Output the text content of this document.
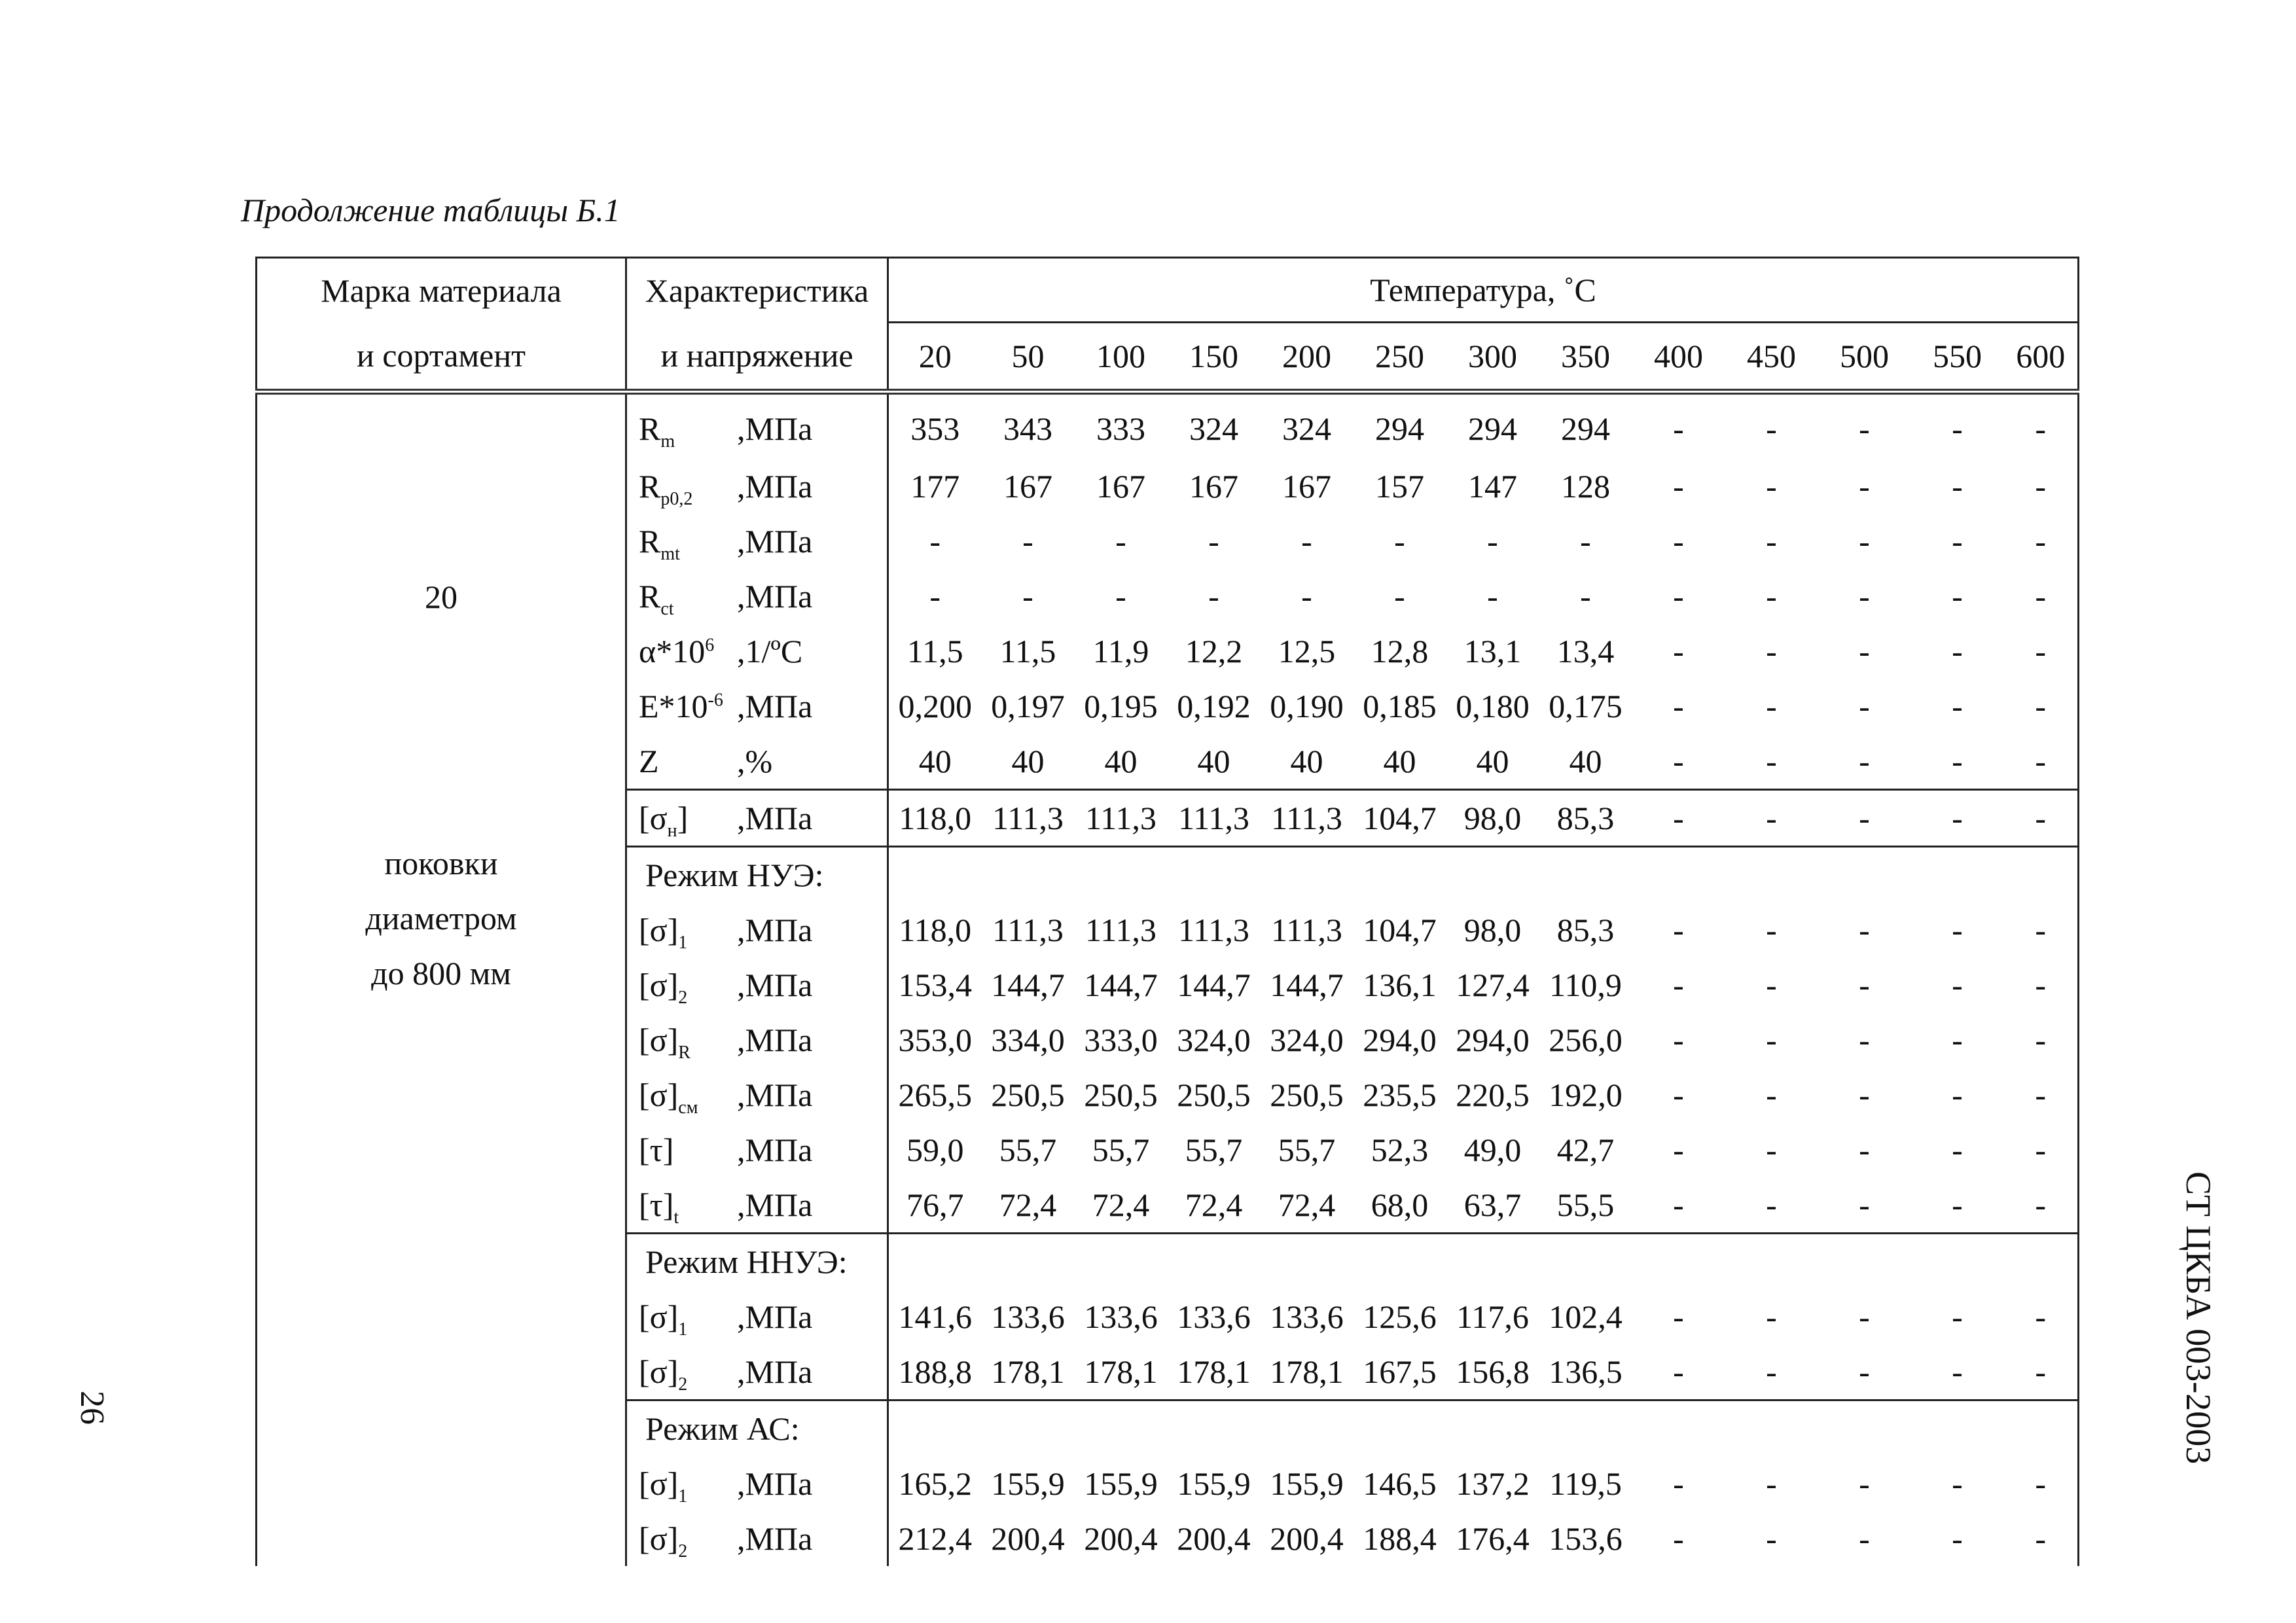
Продолжение таблицы Б.1
Марка материала	Характеристика	Температура, ˚С												
и сортамент	и напряжение	20	50	100	150	200	250	300	350	400	450	500	550	600

20
поковки
диаметром
до 800 мм	$R_m$ ,МПа	353	343	333	324	324	294	294	294	-	-	-	-	-
	$R_{p0,2}$ ,МПа	177	167	167	167	167	157	147	128	-	-	-	-	-
	$R_{mt}$ ,МПа	-	-	-	-	-	-	-	-	-	-	-	-	-
	$R_{ct}$ ,МПа	-	-	-	-	-	-	-	-	-	-	-	-	-
	$\alpha*10^6$ ,1/ºС	11,5	11,5	11,9	12,2	12,5	12,8	13,1	13,4	-	-	-	-	-
	$E*10^{-6}$ ,МПа	0,200	0,197	0,195	0,192	0,190	0,185	0,180	0,175	-	-	-	-	-
	Z ,%	40	40	40	40	40	40	40	40	-	-	-	-	-
	$[\sigma_н]$ ,МПа	118,0	111,3	111,3	111,3	111,3	104,7	98,0	85,3	-	-	-	-	-
	Режим НУЭ:													
	$[\sigma]_1$ ,МПа	118,0	111,3	111,3	111,3	111,3	104,7	98,0	85,3	-	-	-	-	-
	$[\sigma]_2$ ,МПа	153,4	144,7	144,7	144,7	144,7	136,1	127,4	110,9	-	-	-	-	-
	$[\sigma]_R$ ,МПа	353,0	334,0	333,0	324,0	324,0	294,0	294,0	256,0	-	-	-	-	-
	$[\sigma]_{см}$ ,МПа	265,5	250,5	250,5	250,5	250,5	235,5	220,5	192,0	-	-	-	-	-
	[τ] ,МПа	59,0	55,7	55,7	55,7	55,7	52,3	49,0	42,7	-	-	-	-	-
	$[\tau]_t$ ,МПа	76,7	72,4	72,4	72,4	72,4	68,0	63,7	55,5	-	-	-	-	-
	Режим ННУЭ:													
	$[\sigma]_1$ ,МПа	141,6	133,6	133,6	133,6	133,6	125,6	117,6	102,4	-	-	-	-	-
	$[\sigma]_2$ ,МПа	188,8	178,1	178,1	178,1	178,1	167,5	156,8	136,5	-	-	-	-	-
	Режим АС:													
	$[\sigma]_1$ ,МПа	165,2	155,9	155,9	155,9	155,9	146,5	137,2	119,5	-	-	-	-	-
	$[\sigma]_2$ ,МПа	212,4	200,4	200,4	200,4	200,4	188,4	176,4	153,6	-	-	-	-	-
26	СТ ЦКБА 003-2003
